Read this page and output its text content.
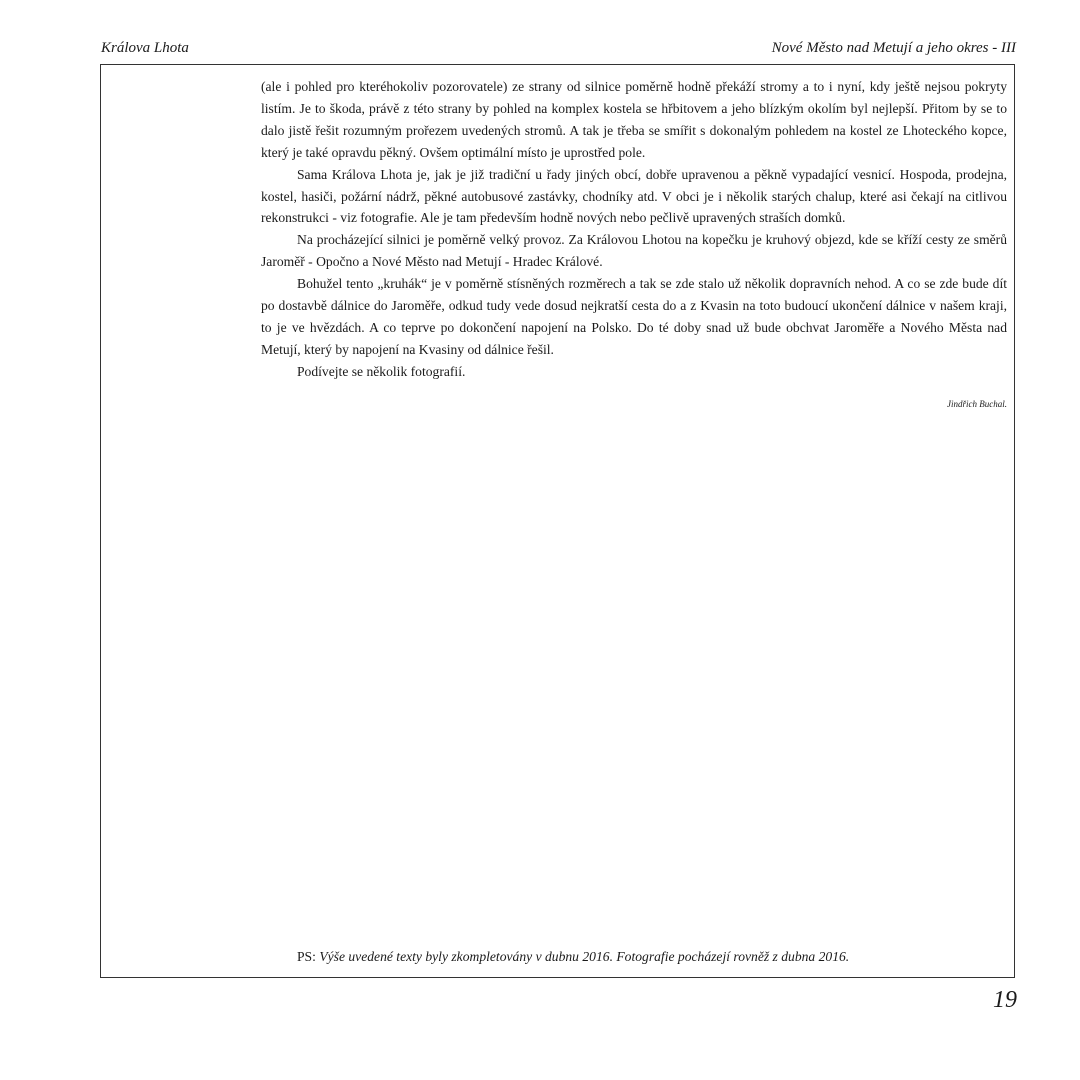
Králova Lhota	Nové Město nad Metují a jeho okres - III

(ale i pohled pro kteréhokoliv pozorovatele) ze strany od silnice poměrně hodně překáží stromy a to i nyní, kdy ještě nejsou pokryty listím. Je to škoda, právě z této strany by pohled na komplex kostela se hřbitovem a jeho blízkým okolím byl nejlepší. Přitom by se to dalo jistě řešit rozumným prořezem uvedených stromů. A tak je třeba se smířit s dokonalým pohledem na kostel ze Lhoteckého kopce, který je také opravdu pěkný. Ovšem optimální místo je uprostřed pole.

Sama Králova Lhota je, jak je již tradiční u řady jiných obcí, dobře upravenou a pěkně vypadající vesnicí. Hospoda, prodejna, kostel, hasiči, požární nádrž, pěkné autobusové zastávky, chodníky atd. V obci je i několik starých chalup, které asi čekají na citlivou rekonstrukci - viz fotografie. Ale je tam především hodně nových nebo pečlivě upravených straších domků.

Na procházející silnici je poměrně velký provoz. Za Královou Lhotou na kopečku je kruhový objezd, kde se kříží cesty ze směrů Jaroměř - Opočno a Nové Město nad Metují - Hradec Králové.

Bohužel tento „kruhák“ je v poměrně stísněných rozměrech a tak se zde stalo už několik dopravních nehod. A co se zde bude dít po dostavbě dálnice do Jaroměře, odkud tudy vede dosud nejkratší cesta do a z Kvasin na toto budoucí ukončení dálnice v našem kraji, to je ve hvězdách. A co teprve po dokončení napojení na Polsko. Do té doby snad už bude obchvat Jaroměře a Nového Města nad Metují, který by napojení na Kvasiny od dálnice řešil.

Podívejte se několik fotografií.

Jindřich Buchal.
PS: Výše uvedené texty byly zkompletovány v dubnu 2016. Fotografie pocházejí rovněž z dubna 2016.
19
